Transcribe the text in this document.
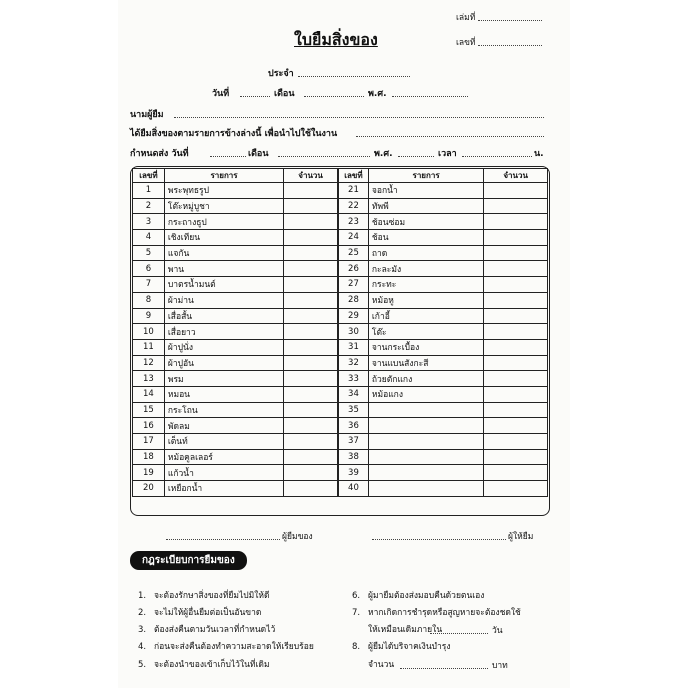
เล่มที่
เลขที่
ใบยืมสิ่งของ
ประจำ
วันที่	เดือน	พ.ศ.
นามผู้ยืม
ได้ยืมสิ่งของตามรายการข้างล่างนี้ เพื่อนำไปใช้ในงาน
กำหนดส่ง วันที่	เดือน	พ.ศ.	เวลา	น.
เลขที่	รายการ	จำนวน
1	พระพุทธรูป	
2	โต๊ะหมู่บูชา	
3	กระถางธูป	
4	เชิงเทียน	
5	แจกัน	
6	พาน	
7	บาตรน้ำมนต์	
8	ผ้าม่าน	
9	เสื่อสั้น	
10	เสื่อยาว	
11	ผ้าปูนั่ง	
12	ผ้าปูอัน	
13	พรม	
14	หมอน	
15	กระโถน	
16	พัดลม	
17	เต็นท์	
18	หม้อคูลเลอร์	
19	แก้วน้ำ	
20	เหยือกน้ำ	
เลขที่	รายการ	จำนวน
21	จอกน้ำ	
22	ทัพพี	
23	ช้อนซ่อม	
24	ช้อน	
25	ถาด	
26	กะละมัง	
27	กระทะ	
28	หม้อหู	
29	เก้าอี้	
30	โต๊ะ	
31	จานกระเบื้อง	
32	จานแบนสังกะสี	
33	ถ้วยตักแกง	
34	หม้อแกง	
35		
36		
37		
38		
39		
40		
ผู้ยืมของ	ผู้ให้ยืม
กฎระเบียบการยืมของ
1. จะต้องรักษาสิ่งของที่ยืมไปมิให้ดี
2. จะไม่ให้ผู้อื่นยืมต่อเป็นอันขาด
3. ต้องส่งคืนตามวันเวลาที่กำหนดไว้
4. ก่อนจะส่งคืนต้องทำความสะอาดให้เรียบร้อย
5. จะต้องนำของเข้าเก็บไว้ในที่เดิม
6. ผู้มายืมต้องส่งมอบคืนด้วยตนเอง
7. หากเกิดการชำรุดหรือสูญหายจะต้องชดใช้
ให้เหมือนเดิมภายใน
8. ผู้ยืมได้บริจาคเงินบำรุง
จำนวน
วัน
บาท
